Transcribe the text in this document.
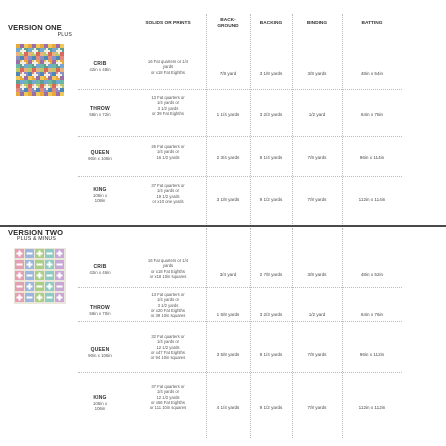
VERSION ONE
PLUS
VERSION TWO
PLUS & MINUS
SOLIDS OR PRINTS
BACK-
GROUND
BACKING	BINDING	BATTING
CRIB
42in x 48in
16 Fat quarters or 1/4
yards
or x18 Fat Eighths	7/8 yard	3 1/8 yards	3/8 yards	48in x 54in
THROW
58in x 72in
13 Fat quarters or
1/4 yards or
3 1/2 yards
or 39 Fat Eighths	1 1/4 yards	3 2/3 yards	1/2 yard	64in x 78in
QUEEN
90in x 108in
26 Fat quarters or
1/4 yards or
16 1/2 yards	2 3/4 yards	8 1/4 yards	7/8 yards	96in x 114in
KING
106in x
108in
37 Fat quarters or
1/4 yards or
19 1/2 yards
or x10 one yards	3 1/8 yards	9 1/2 yards	7/8 yards	112in x 114in
CRIB
42in x 46in
16 Fat quarters or 1/4
yards
or x18 Fat Eighths
or x18 10in squares	3/4 yard	2 7/8 yards	3/8 yards	48in x 52in
THROW
58in x 70in
13 Fat quarters or
1/4 yards or
3 1/2 yards
or x20 Fat Eighths
or 39 10in squares	1 5/8 yards	3 2/3 yards	1/2 yard	64in x 76in
QUEEN
90in x 106in
32 Fat quarters or
1/4 yards or
12 1/2 yards
or x47 Fat Eighths
or 94 10in squares
3 5/8 yards	8 1/4 yards	7/8 yards	96in x 112in
KING
106in x
106in
37 Fat quarters or
1/4 yards or
12 1/2 yards
or x56 Fat Eighths
or 111 10in squares	4 1/4 yards	9 1/2 yards	7/8 yards	112in x 112in
